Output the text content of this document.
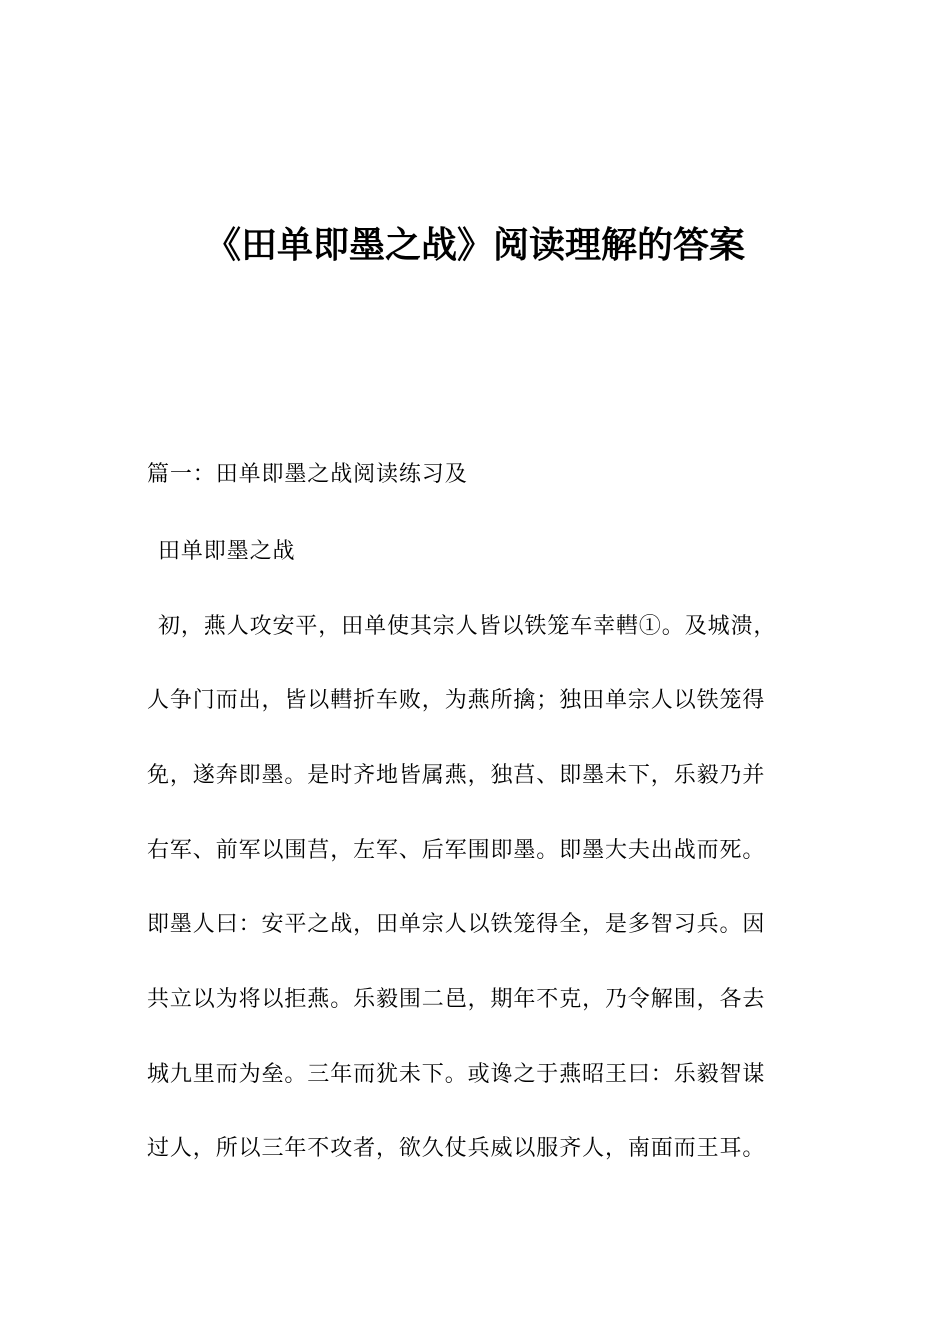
《田单即墨之战》阅读理解的答案
篇一：田单即墨之战阅读练习及
田单即墨之战
初，燕人攻安平，田单使其宗人皆以铁笼车幸轊①。及城溃，
人争门而出，皆以轊折车败，为燕所擒；独田单宗人以铁笼得
免，遂奔即墨。是时齐地皆属燕，独莒、即墨未下，乐毅乃并
右军、前军以围莒，左军、后军围即墨。即墨大夫出战而死。
即墨人曰：安平之战，田单宗人以铁笼得全，是多智习兵。因
共立以为将以拒燕。乐毅围二邑，期年不克，乃令解围，各去
城九里而为垒。三年而犹未下。或谗之于燕昭王曰：乐毅智谋
过人，所以三年不攻者，欲久仗兵威以服齐人，南面而王耳。
